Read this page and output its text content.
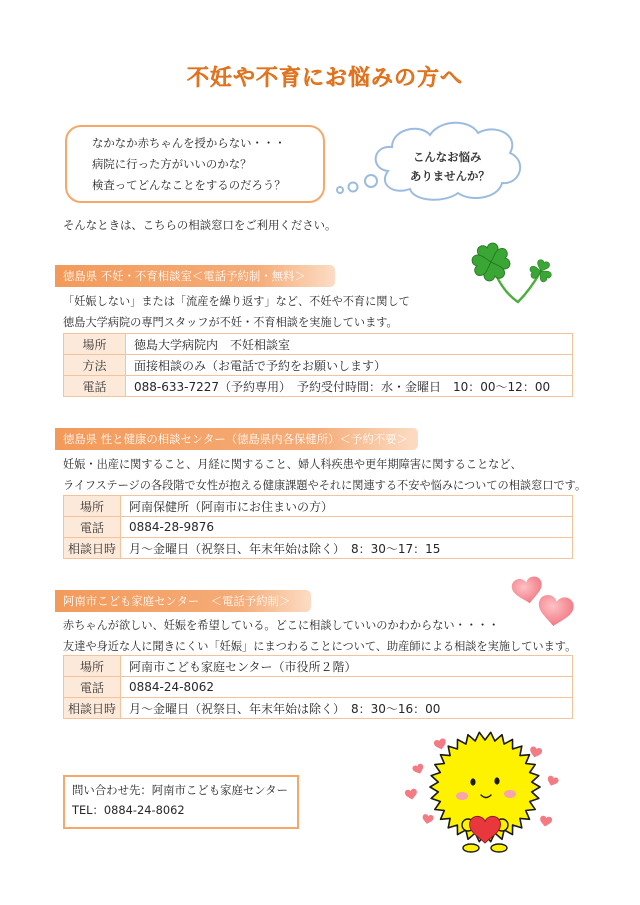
不妊や不育にお悩みの方へ

なかなか赤ちゃんを授からない・・・

病院に行った方がいいのかな？

検査ってどんなことをするのだろう？

こんなお悩み
ありませんか？
そんなときは、こちらの相談窓口をご利用ください。
徳島県 不妊・不育相談室＜電話予約制・無料＞
「妊娠しない」または「流産を繰り返す」など、不妊や不育に関して
徳島大学病院の専門スタッフが不妊・不育相談を実施しています。
場所	徳島大学病院内　不妊相談室
方法	面接相談のみ（お電話で予約をお願いします）
電話	088-633-7227（予約専用）　予約受付時間：水・金曜日　10：00～12：00
徳島県 性と健康の相談センター（徳島県内各保健所）＜予約不要＞
妊娠・出産に関すること、月経に関すること、婦人科疾患や更年期障害に関することなど、
ライフステージの各段階で女性が抱える健康課題やそれに関連する不安や悩みについての相談窓口です。
場所	阿南保健所（阿南市にお住まいの方）
電話	0884-28-9876
相談日時	月～金曜日（祝祭日、年末年始は除く）　8：30～17：15
阿南市こども家庭センター　＜電話予約制＞
赤ちゃんが欲しい、妊娠を希望している。どこに相談していいのかわからない・・・・
友達や身近な人に聞きにくい「妊娠」にまつわることについて、助産師による相談を実施しています。
場所	阿南市こども家庭センター（市役所２階）
電話	0884-24-8062
相談日時	月～金曜日（祝祭日、年末年始は除く）　8：30～16：00
問い合わせ先：阿南市こども家庭センター
TEL：0884-24-8062
